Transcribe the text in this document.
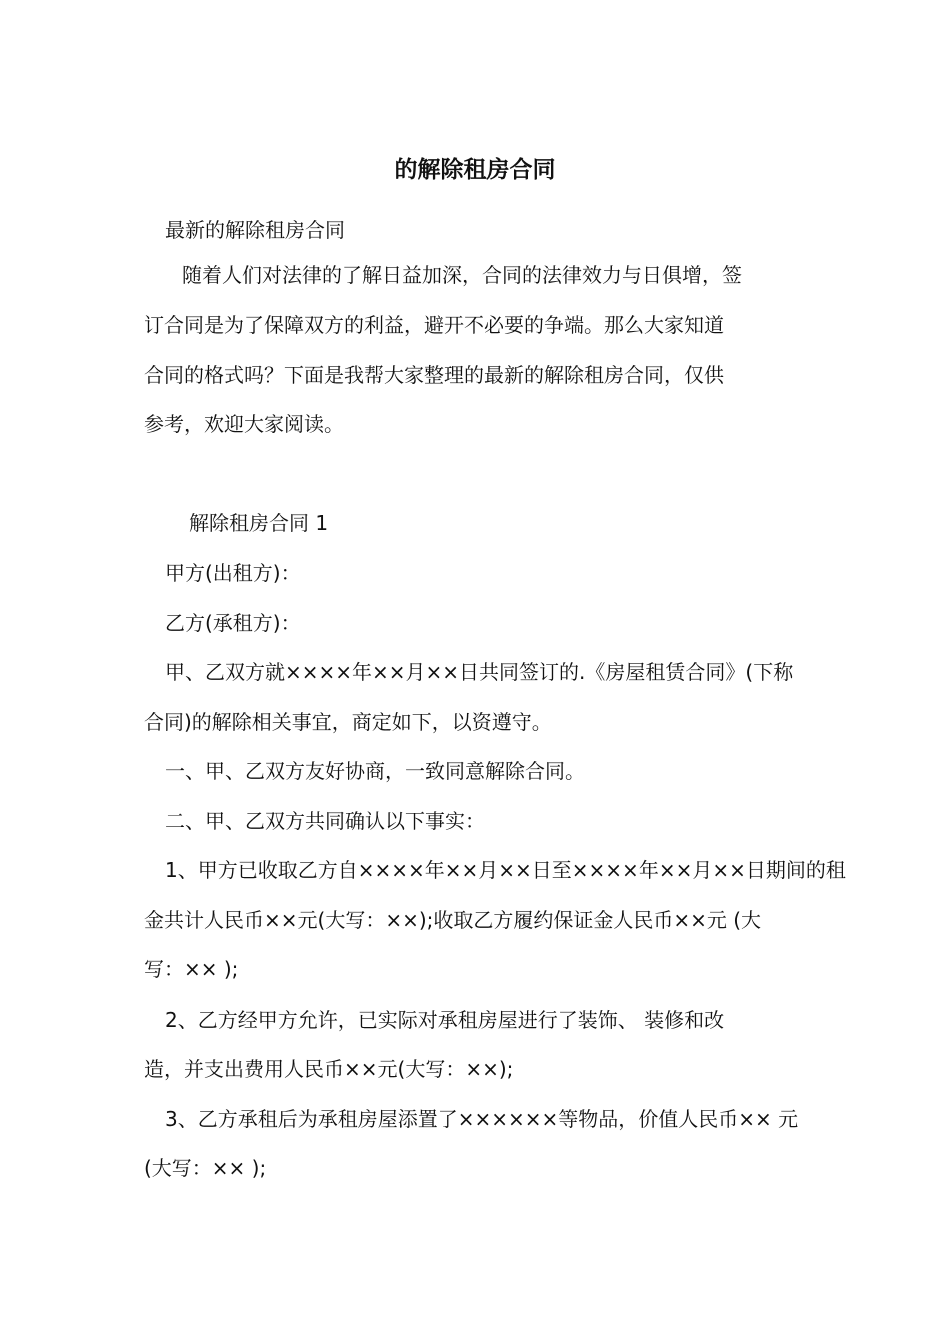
的解除租房合同

最新的解除租房合同

随着人们对法律的了解日益加深，合同的法律效力与日俱增，签

订合同是为了保障双方的利益，避开不必要的争端。那么大家知道

合同的格式吗？下面是我帮大家整理的最新的解除租房合同，仅供

参考，欢迎大家阅读。

解除租房合同 1

甲方(出租方)：

乙方(承租方)：

甲、乙双方就××××年××月××日共同签订的.《房屋租赁合同》(下称

合同)的解除相关事宜，商定如下，以资遵守。

一、甲、乙双方友好协商，一致同意解除合同。

二、甲、乙双方共同确认以下事实：

1、甲方已收取乙方自××××年××月××日至××××年××月××日期间的租

金共计人民币××元(大写：××);收取乙方履约保证金人民币××元 (大

写：×× );

2、乙方经甲方允许，已实际对承租房屋进行了装饰、 装修和改

造，并支出费用人民币××元(大写：××);

3、乙方承租后为承租房屋添置了××××××等物品，价值人民币×× 元

(大写：×× );
